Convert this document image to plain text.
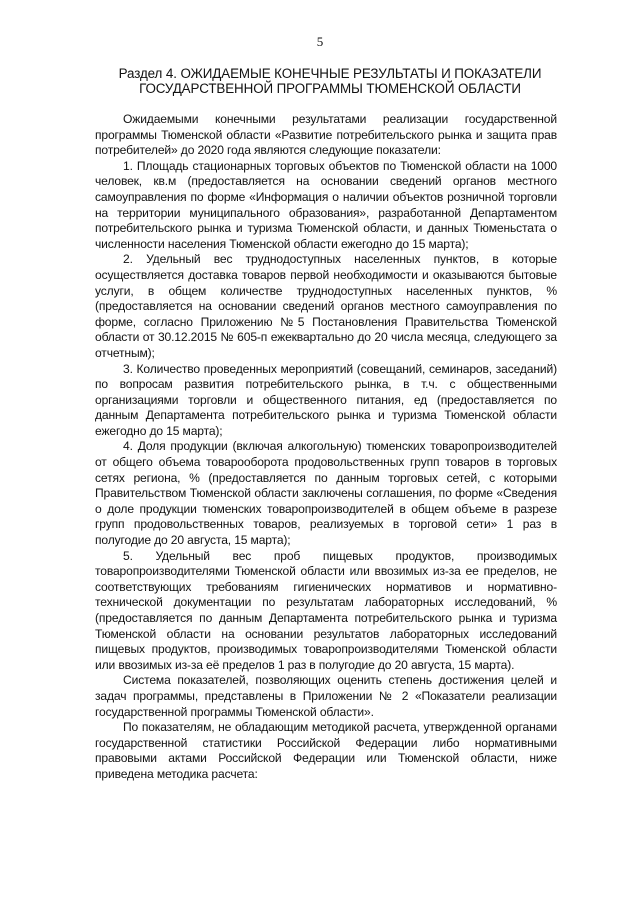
5
Раздел 4. ОЖИДАЕМЫЕ КОНЕЧНЫЕ РЕЗУЛЬТАТЫ И ПОКАЗАТЕЛИ
ГОСУДАРСТВЕННОЙ ПРОГРАММЫ ТЮМЕНСКОЙ ОБЛАСТИ

Ожидаемыми конечными результатами реализации государственной программы Тюменской области «Развитие потребительского рынка и защита прав потребителей» до 2020 года являются следующие показатели:

1. Площадь стационарных торговых объектов по Тюменской области на 1000 человек, кв.м (предоставляется на основании сведений органов местного самоуправления по форме «Информация о наличии объектов розничной торговли на территории муниципального образования», разработанной Департаментом потребительского рынка и туризма Тюменской области, и данных Тюменьстата о численности населения Тюменской области ежегодно до 15 марта);

2. Удельный вес труднодоступных населенных пунктов, в которые осуществляется доставка товаров первой необходимости и оказываются бытовые услуги, в общем количестве труднодоступных населенных пунктов, % (предоставляется на основании сведений органов местного самоуправления по форме, согласно Приложению №5 Постановления Правительства Тюменской области от 30.12.2015 № 605-п ежеквартально до 20 числа месяца, следующего за отчетным);

3. Количество проведенных мероприятий (совещаний, семинаров, заседаний) по вопросам развития потребительского рынка, в т.ч. с общественными организациями торговли и общественного питания, ед (предоставляется по данным Департамента потребительского рынка и туризма Тюменской области ежегодно до 15 марта);

4. Доля продукции (включая алкогольную) тюменских товаропроизводителей от общего объема товарооборота продовольственных групп товаров в торговых сетях региона, % (предоставляется по данным торговых сетей, с которыми Правительством Тюменской области заключены соглашения, по форме «Сведения о доле продукции тюменских товаропроизводителей в общем объеме в разрезе групп продовольственных товаров, реализуемых в торговой сети» 1 раз в полугодие до 20 августа, 15 марта);

5. Удельный вес проб пищевых продуктов, производимых товаропроизводителями Тюменской области или ввозимых из-за ее пределов, не соответствующих требованиям гигиенических нормативов и нормативно-технической документации по результатам лабораторных исследований, % (предоставляется по данным Департамента потребительского рынка и туризма Тюменской области на основании результатов лабораторных исследований пищевых продуктов, производимых товаропроизводителями Тюменской области или ввозимых из-за её пределов 1 раз в полугодие до 20 августа, 15 марта).

Система показателей, позволяющих оценить степень достижения целей и задач программы, представлены в Приложении № 2 «Показатели реализации государственной программы Тюменской области».

По показателям, не обладающим методикой расчета, утвержденной органами государственной статистики Российской Федерации либо нормативными правовыми актами Российской Федерации или Тюменской области, ниже приведена методика расчета:
